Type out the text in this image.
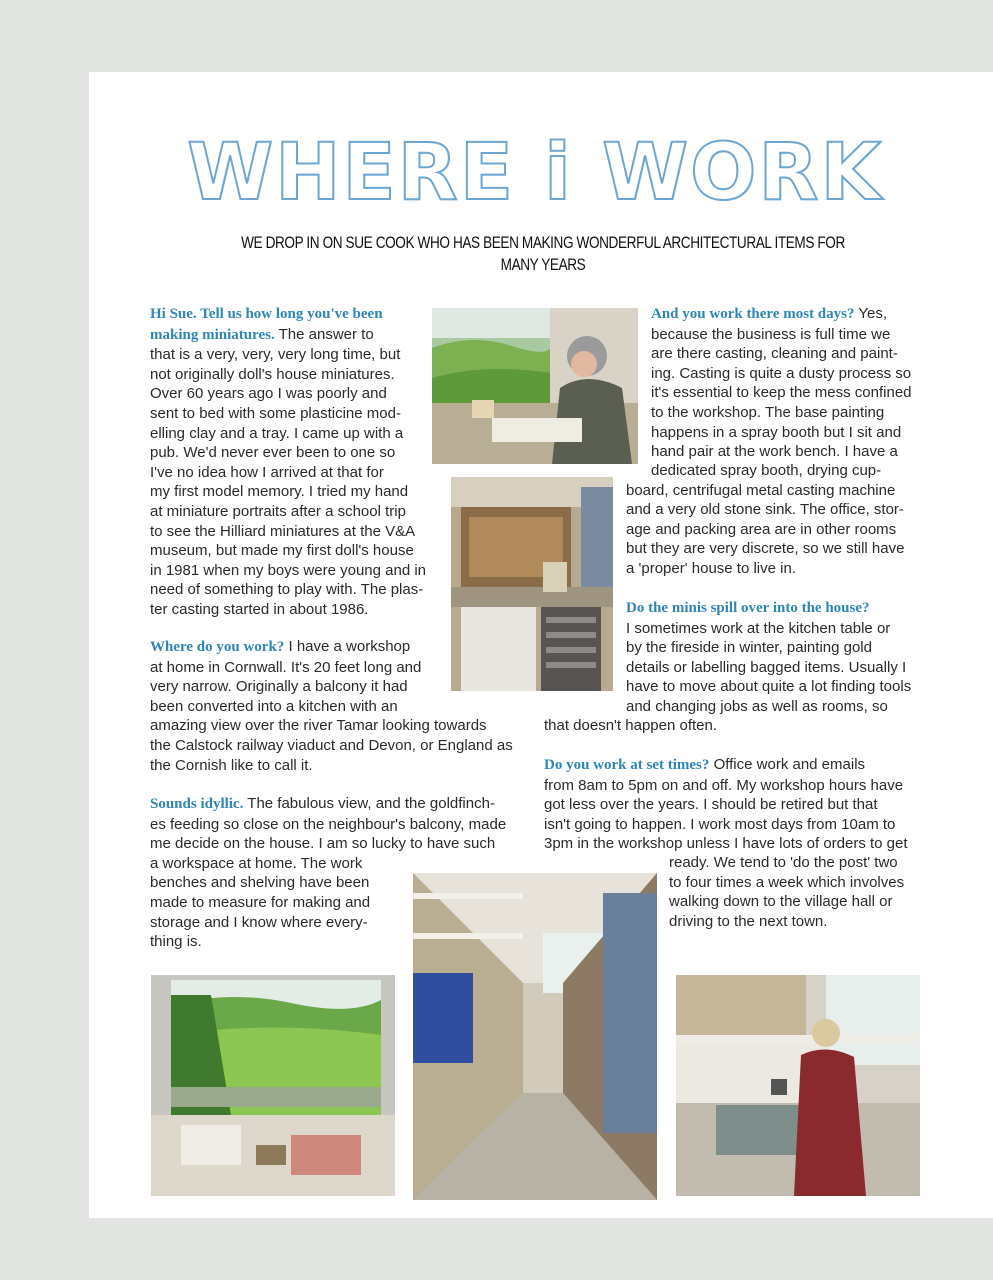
WHERE i WORK
WE DROP IN ON SUE COOK WHO HAS BEEN MAKING WONDERFUL ARCHITECTURAL ITEMS FOR MANY YEARS
Hi Sue. Tell us how long you've been
making miniatures. The answer to
that is a very, very, very long time, but
not originally doll's house miniatures.
Over 60 years ago I was poorly and
sent to bed with some plasticine mod-
elling clay and a tray. I came up with a
pub. We'd never ever been to one so
I've no idea how I arrived at that for
my first model memory. I tried my hand
at miniature portraits after a school trip
to see the Hilliard miniatures at the V&A
museum, but made my first doll's house
in 1981 when my boys were young and in
need of something to play with. The plas-
ter casting started in about 1986.
Where do you work? I have a workshop
at home in Cornwall. It's 20 feet long and
very narrow. Originally a balcony it had
been converted into a kitchen with an
amazing view over the river Tamar looking towards
the Calstock railway viaduct and Devon, or England as
the Cornish like to call it.
Sounds idyllic. The fabulous view, and the goldfinch-
es feeding so close on the neighbour's balcony, made
me decide on the house. I am so lucky to have such
a workspace at home. The work
benches and shelving have been
made to measure for making and
storage and I know where every-
thing is.
And you work there most days? Yes,
because the business is full time we
are there casting, cleaning and paint-
ing. Casting is quite a dusty process so
it's essential to keep the mess confined
to the workshop. The base painting
happens in a spray booth but I sit and
hand pair at the work bench. I have a
dedicated spray booth, drying cup-
board, centrifugal metal casting machine
and a very old stone sink. The office, stor-
age and packing area are in other rooms
but they are very discrete, so we still have
a 'proper' house to live in.
Do the minis spill over into the house?
I sometimes work at the kitchen table or
by the fireside in winter, painting gold
details or labelling bagged items. Usually I
have to move about quite a lot finding tools
and changing jobs as well as rooms, so
that doesn't happen often.
Do you work at set times? Office work and emails
from 8am to 5pm on and off. My workshop hours have
got less over the years. I should be retired but that
isn't going to happen. I work most days from 10am to
3pm in the workshop unless I have lots of orders to get
ready. We tend to 'do the post' two
to four times a week which involves
walking down to the village hall or
driving to the next town.
